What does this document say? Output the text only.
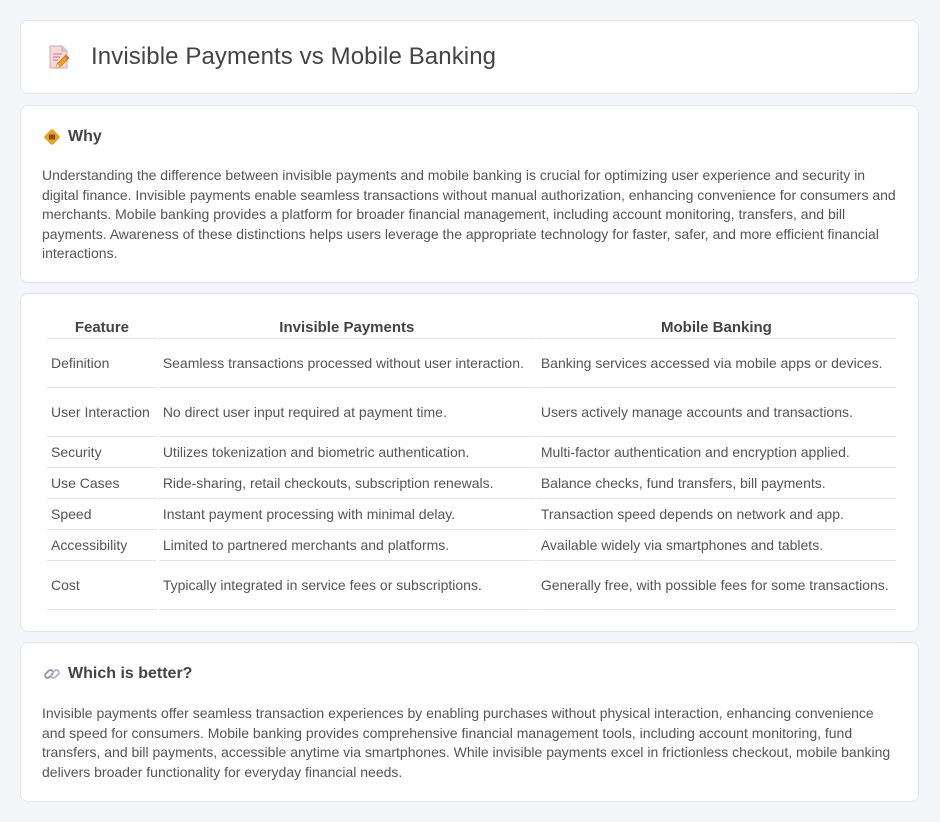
Invisible Payments vs Mobile Banking
Why

Understanding the difference between invisible payments and mobile banking is crucial for optimizing user experience and security in digital finance. Invisible payments enable seamless transactions without manual authorization, enhancing convenience for consumers and merchants. Mobile banking provides a platform for broader financial management, including account monitoring, transfers, and bill payments. Awareness of these distinctions helps users leverage the appropriate technology for faster, safer, and more efficient financial interactions.

Feature	Invisible Payments	Mobile Banking
Definition	Seamless transactions processed without user interaction.	Banking services accessed via mobile apps or devices.
User Interaction	No direct user input required at payment time.	Users actively manage accounts and transactions.
Security	Utilizes tokenization and biometric authentication.	Multi-factor authentication and encryption applied.
Use Cases	Ride-sharing, retail checkouts, subscription renewals.	Balance checks, fund transfers, bill payments.
Speed	Instant payment processing with minimal delay.	Transaction speed depends on network and app.
Accessibility	Limited to partnered merchants and platforms.	Available widely via smartphones and tablets.
Cost	Typically integrated in service fees or subscriptions.	Generally free, with possible fees for some transactions.
Which is better?

Invisible payments offer seamless transaction experiences by enabling purchases without physical interaction, enhancing convenience and speed for consumers. Mobile banking provides comprehensive financial management tools, including account monitoring, fund transfers, and bill payments, accessible anytime via smartphones. While invisible payments excel in frictionless checkout, mobile banking delivers broader functionality for everyday financial needs.
